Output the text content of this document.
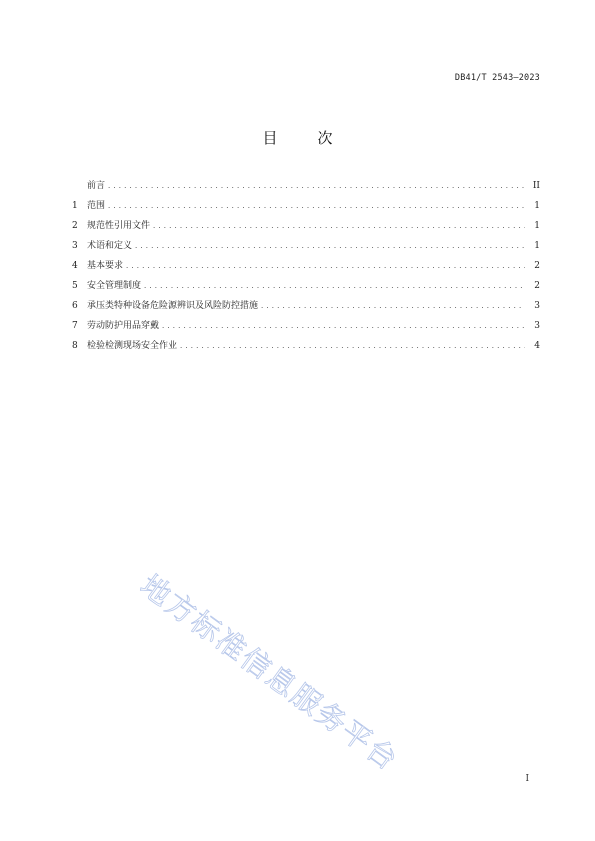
DB41/T 2543—2023
目	次
前言 .....	II
1	范围 .....	1
2	规范性引用文件 .....	1
3	术语和定义 .....	1
4	基本要求 .....	2
5	安全管理制度 .....	2
6	承压类特种设备危险源辨识及风险防控措施 .....	3
7	劳动防护用品穿戴 .....	3
8	检验检测现场安全作业 .....	4
地方标准信息服务平台
I
